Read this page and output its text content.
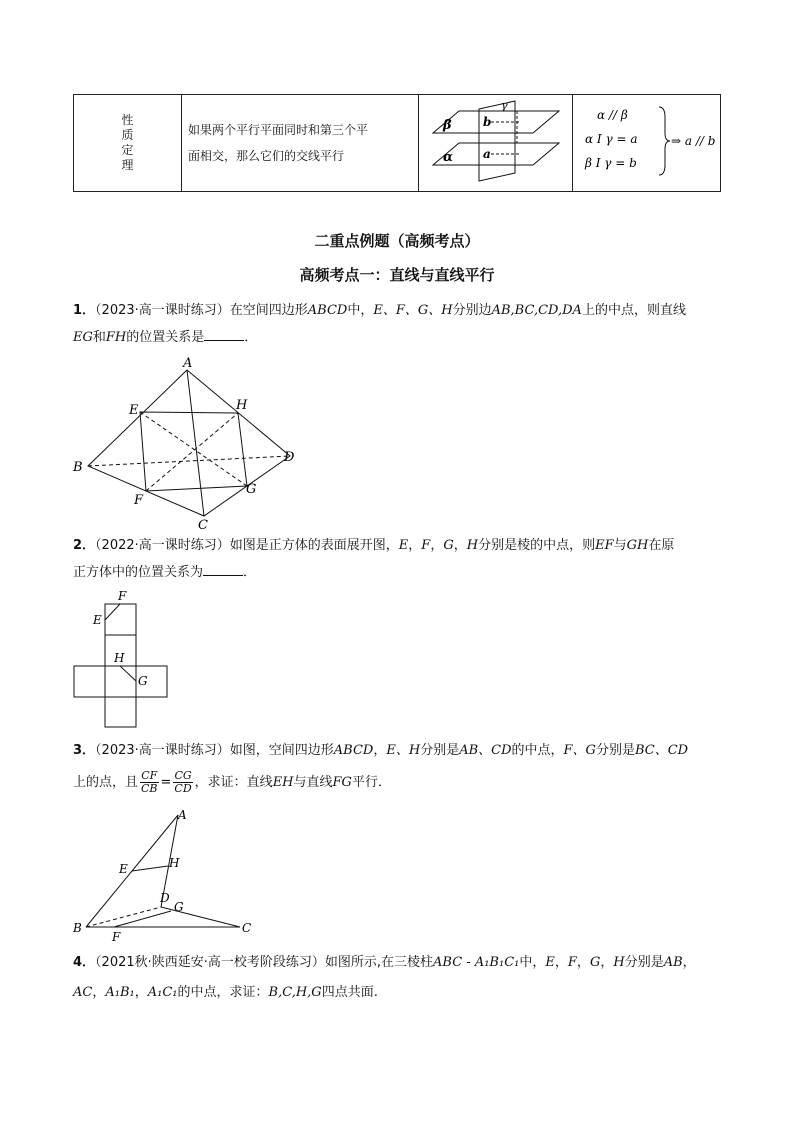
性
质
定
理

如果两个平行平面同时和第三个平
面相交，那么它们的交线平行

β
α
γ
b
a

α // β
α I γ = a
β I γ = b
⇒ a // b
二重点例题（高频考点）
高频考点一：直线与直线平行
1．（2023·高一课时练习）在空间四边形ABCD中，E、F、G、H分别边AB,BC,CD,DA上的中点，则直线
EG和FH的位置关系是	．
A
B
C
D
E
F
G
H
2．（2022·高一课时练习）如图是正方体的表面展开图，E，F，G，H分别是棱的中点，则EF与GH在原
正方体中的位置关系为	．
F
E
H
G
3．（2023·高一课时练习）如图，空间四边形ABCD，E、H分别是AB、CD的中点，F、G分别是BC、CD
上的点，且 $\frac{CF}{CB} = \frac{CG}{CD}$ ，求证：直线EH与直线FG平行．
A
B	C
D
E
F
G
H
4．（2021秋·陕西延安·高一校考阶段练习）如图所示,在三棱柱ABC - A₁B₁C₁中，E，F，G，H分别是AB，
AC，A₁B₁，A₁C₁的中点，求证：B,C,H,G四点共面.
